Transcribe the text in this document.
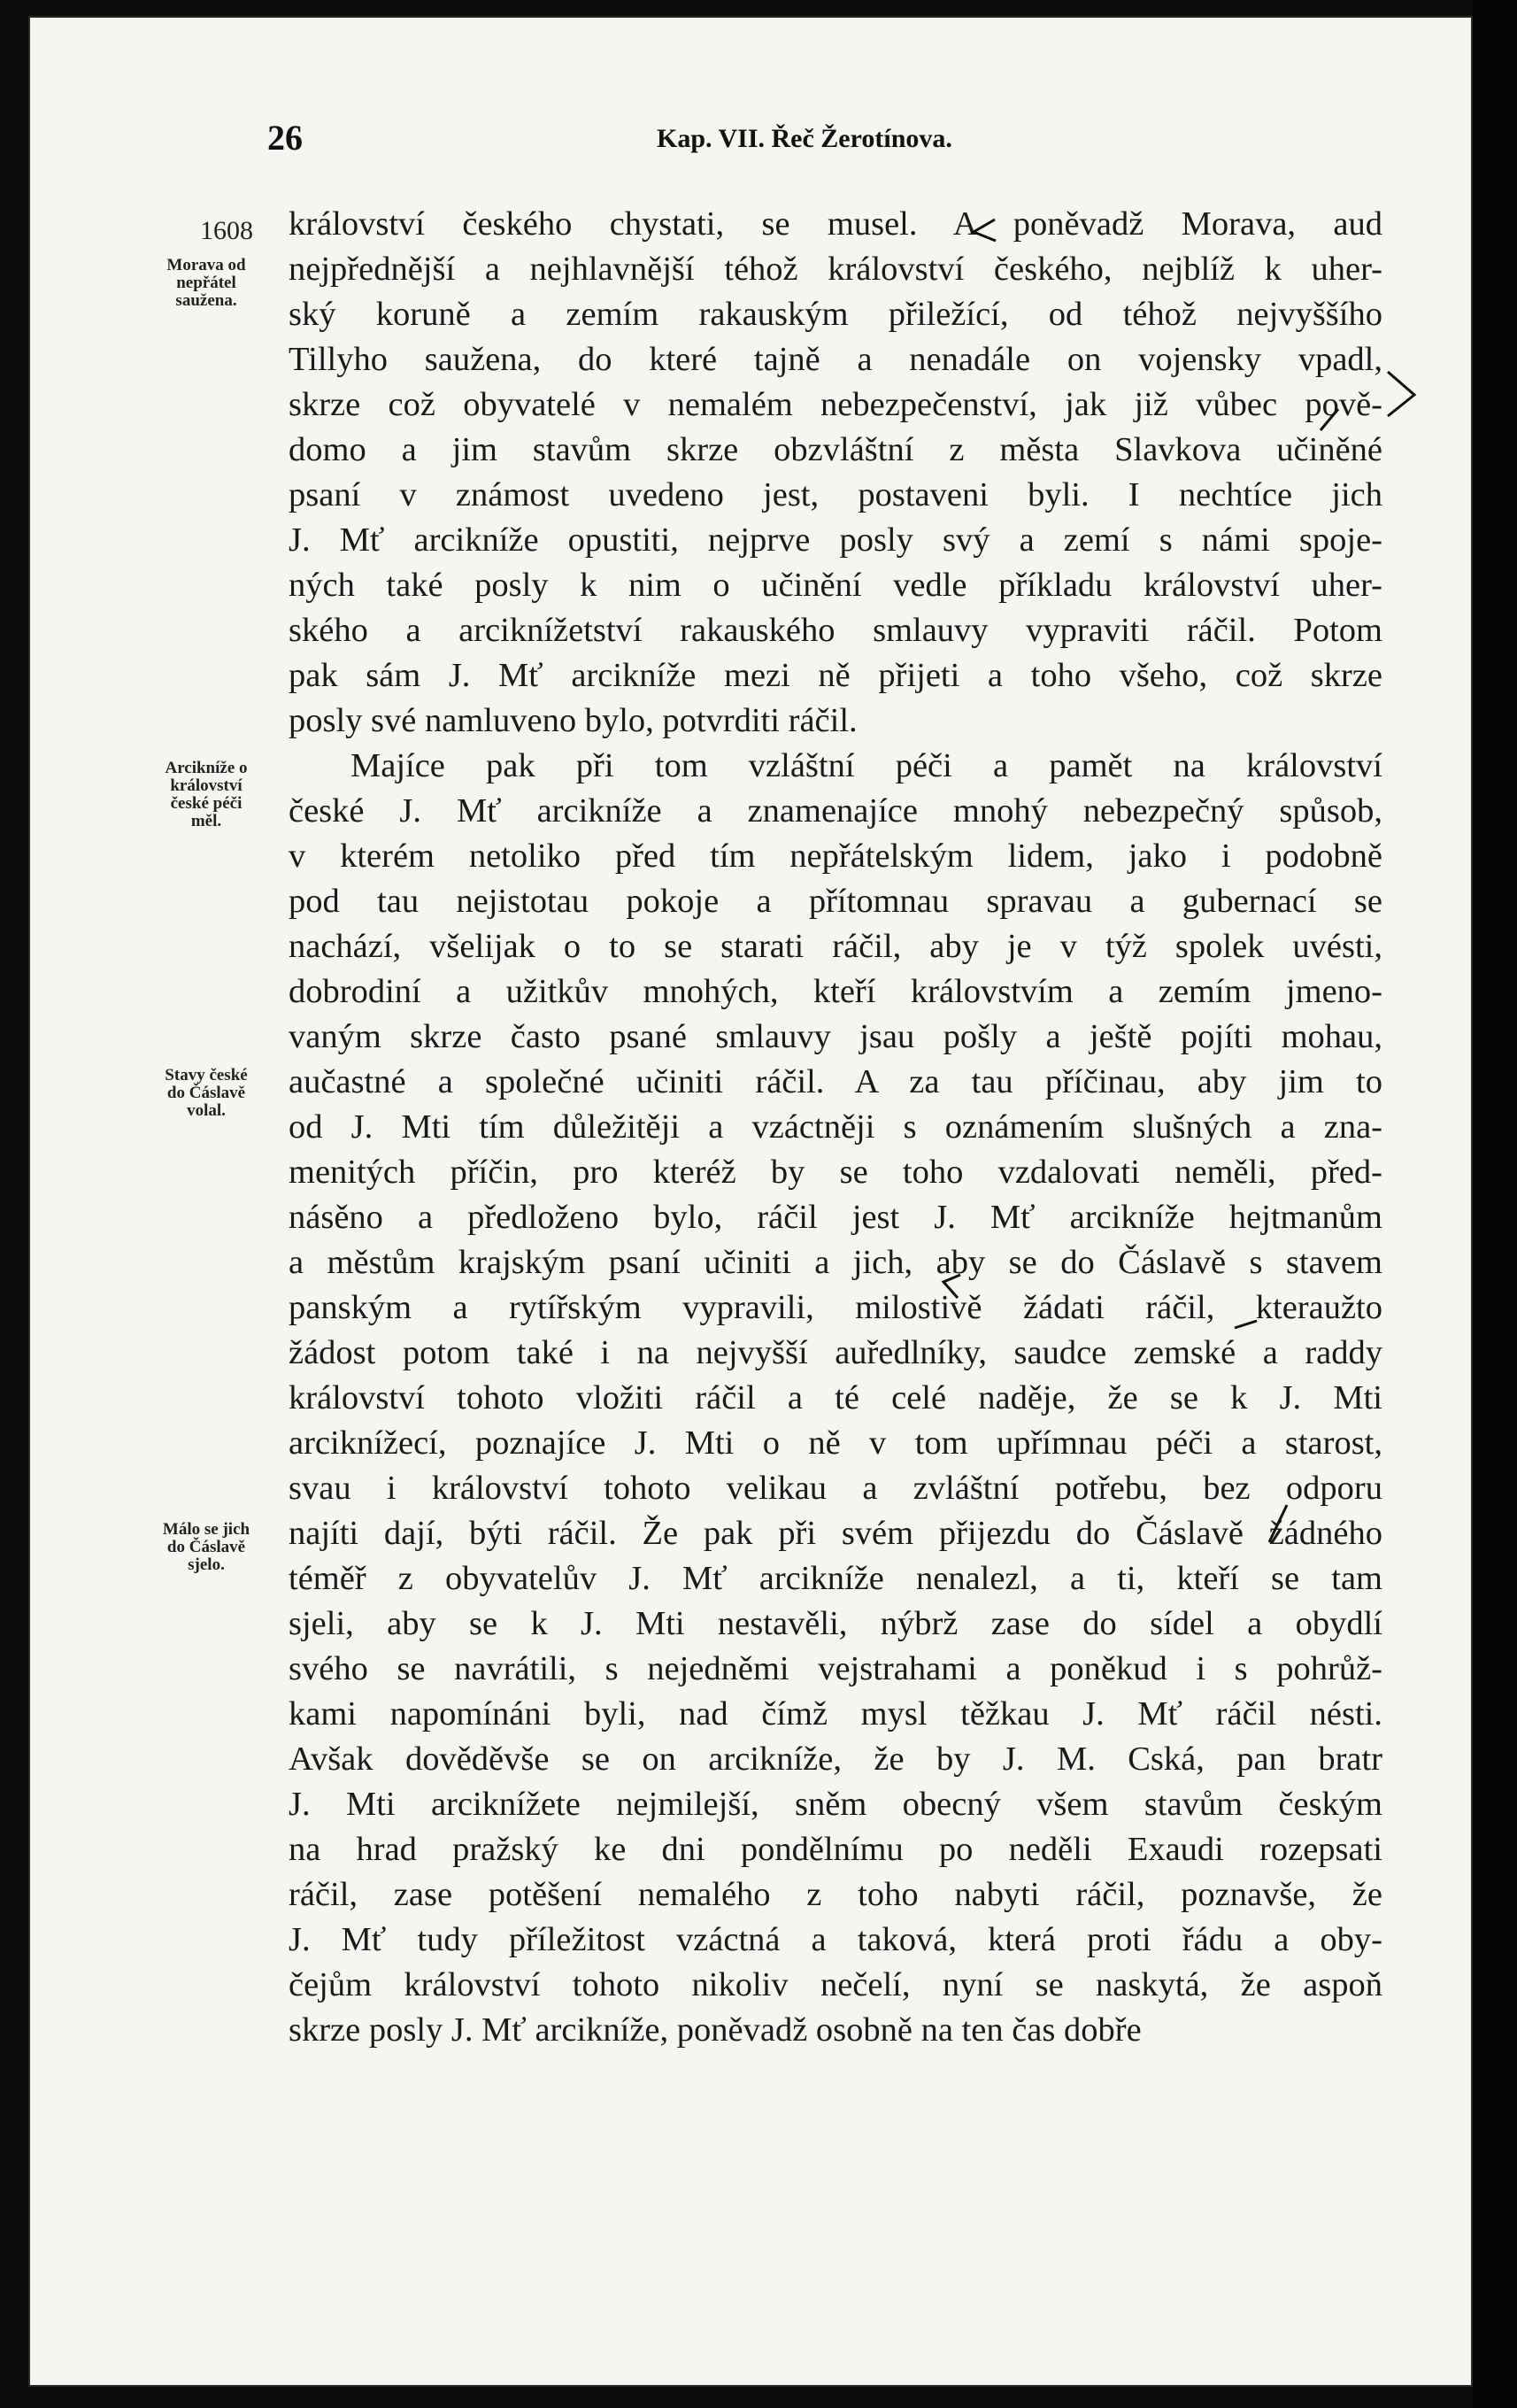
26	Kap. VII. Řeč Žerotínova.
1608
Morava od
nepřátel
saužena.
Arcikníže o
království
české péči
měl.
Stavy české
do Čáslavě
volal.
Málo se jich
do Čáslavě
sjelo.
království českého chystati, se musel. A poněvadž Morava, aud
nejpřednější a nejhlavnější téhož království českého, nejblíž k uher-
ský koruně a zemím rakauským přiležící, od téhož nejvyššího
Tillyho saužena, do které tajně a nenadále on vojensky vpadl,
skrze což obyvatelé v nemalém nebezpečenství, jak již vůbec pově-
domo a jim stavům skrze obzvláštní z města Slavkova učiněné
psaní v známost uvedeno jest, postaveni byli. I nechtíce jich
J. Mť arcikníže opustiti, nejprve posly svý a zemí s námi spoje-
ných také posly k nim o učinění vedle příkladu království uher-
ského a arciknížetství rakauského smlauvy vypraviti ráčil. Potom
pak sám J. Mť arcikníže mezi ně přijeti a toho všeho, což skrze
posly své namluveno bylo, potvrditi ráčil.
Majíce pak při tom vzláštní péči a pamět na království
české J. Mť arcikníže a znamenajíce mnohý nebezpečný spůsob,
v kterém netoliko před tím nepřátelským lidem, jako i podobně
pod tau nejistotau pokoje a přítomnau spravau a gubernací se
nachází, všelijak o to se starati ráčil, aby je v týž spolek uvésti,
dobrodiní a užitkův mnohých, kteří královstvím a zemím jmeno-
vaným skrze často psané smlauvy jsau pošly a ještě pojíti mohau,
aučastné a společné učiniti ráčil. A za tau příčinau, aby jim to
od J. Mti tím důležitěji a vzáctněji s oznámením slušných a zna-
menitých příčin, pro kteréž by se toho vzdalovati neměli, před-
násěno a předloženo bylo, ráčil jest J. Mť arcikníže hejtmanům
a městům krajským psaní učiniti a jich, aby se do Čáslavě s stavem
panským a rytířským vypravili, milostivě žádati ráčil, kteraužto
žádost potom také i na nejvyšší auředlníky, saudce zemské a raddy
království tohoto vložiti ráčil a té celé naděje, že se k J. Mti
arciknížecí, poznajíce J. Mti o ně v tom upřímnau péči a starost,
svau i království tohoto velikau a zvláštní potřebu, bez odporu
najíti dají, býti ráčil. Že pak při svém přijezdu do Čáslavě žádného
téměř z obyvatelův J. Mť arcikníže nenalezl, a ti, kteří se tam
sjeli, aby se k J. Mti nestavěli, nýbrž zase do sídel a obydlí
svého se navrátili, s nejedněmi vejstrahami a poněkud i s pohrůž-
kami napomínáni byli, nad čímž mysl těžkau J. Mť ráčil nésti.
Avšak dověděvše se on arcikníže, že by J. M. Cská, pan bratr
J. Mti arciknížete nejmilejší, sněm obecný všem stavům českým
na hrad pražský ke dni pondělnímu po neděli Exaudi rozepsati
ráčil, zase potěšení nemalého z toho nabyti ráčil, poznavše, že
J. Mť tudy příležitost vzáctná a taková, která proti řádu a oby-
čejům království tohoto nikoliv nečelí, nyní se naskytá, že aspoň
skrze posly J. Mť arcikníže, poněvadž osobně na ten čas dobře
